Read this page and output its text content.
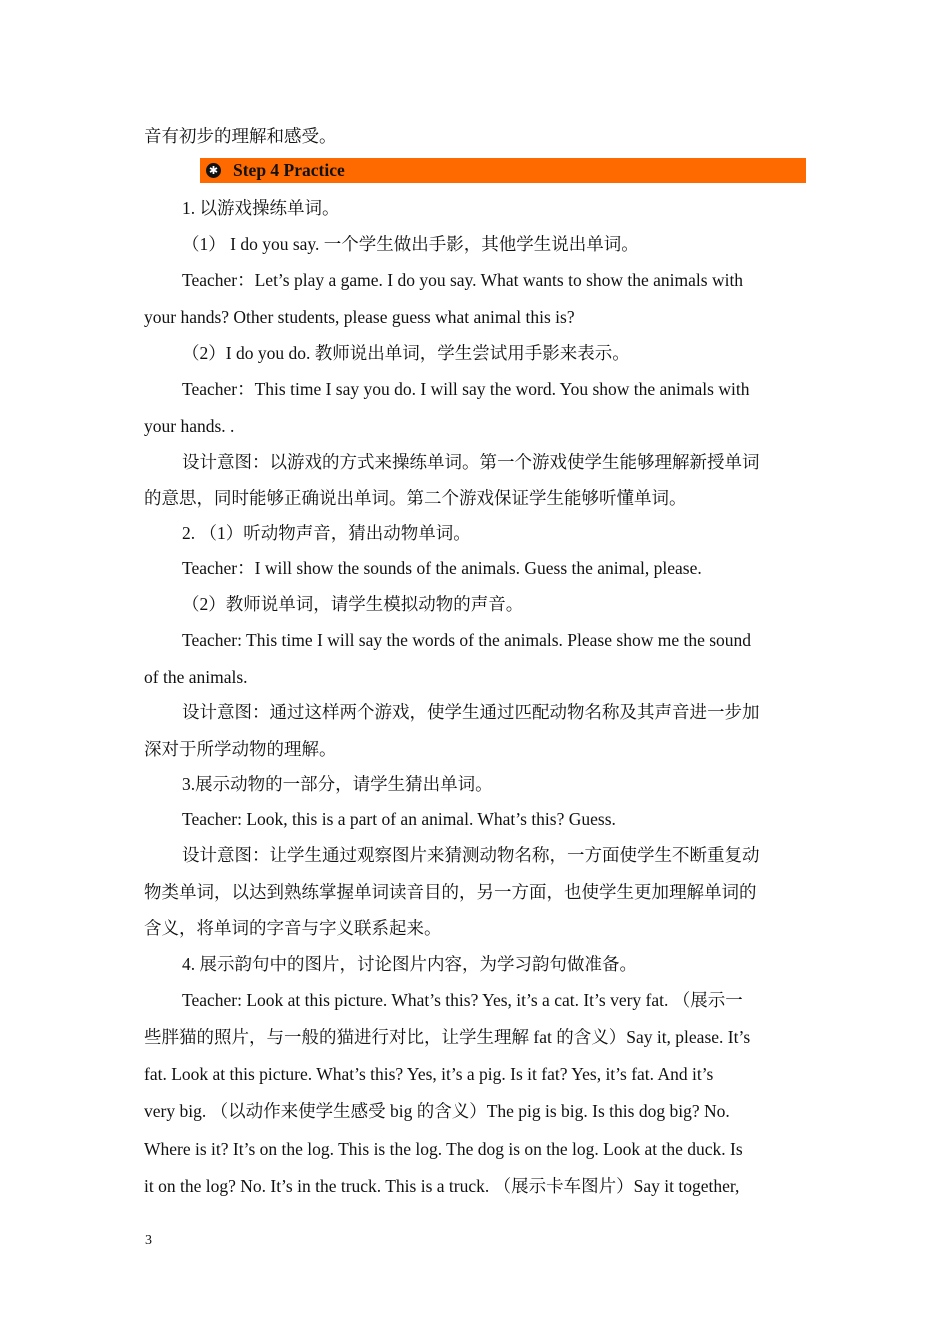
音有初步的理解和感受。
✱ Step 4 Practice
1. 以游戏操练单词。
（1） I do you say. 一个学生做出手影，其他学生说出单词。
Teacher：Let’s play a game. I do you say. What wants to show the animals with
your hands? Other students, please guess what animal this is?
（2）I do you do. 教师说出单词，学生尝试用手影来表示。
Teacher：This time I say you do. I will say the word. You show the animals with
your hands. .
设计意图：以游戏的方式来操练单词。第一个游戏使学生能够理解新授单词
的意思，同时能够正确说出单词。第二个游戏保证学生能够听懂单词。
2. （1）听动物声音，猜出动物单词。
Teacher：I will show the sounds of the animals. Guess the animal, please.
（2）教师说单词，请学生模拟动物的声音。
Teacher: This time I will say the words of the animals. Please show me the sound
of the animals.
设计意图：通过这样两个游戏，使学生通过匹配动物名称及其声音进一步加
深对于所学动物的理解。
3.展示动物的一部分，请学生猜出单词。
Teacher: Look, this is a part of an animal. What’s this? Guess.
设计意图：让学生通过观察图片来猜测动物名称，一方面使学生不断重复动
物类单词，以达到熟练掌握单词读音目的，另一方面，也使学生更加理解单词的
含义，将单词的字音与字义联系起来。
4. 展示韵句中的图片，讨论图片内容，为学习韵句做准备。
Teacher: Look at this picture. What’s this? Yes, it’s a cat. It’s very fat. （展示一
些胖猫的照片，与一般的猫进行对比，让学生理解 fat 的含义）Say it, please. It’s
fat. Look at this picture. What’s this? Yes, it’s a pig. Is it fat? Yes, it’s fat. And it’s
very big. （以动作来使学生感受 big 的含义）The pig is big. Is this dog big? No.
Where is it? It’s on the log. This is the log. The dog is on the log. Look at the duck. Is
it on the log? No. It’s in the truck. This is a truck. （展示卡车图片）Say it together,
3
